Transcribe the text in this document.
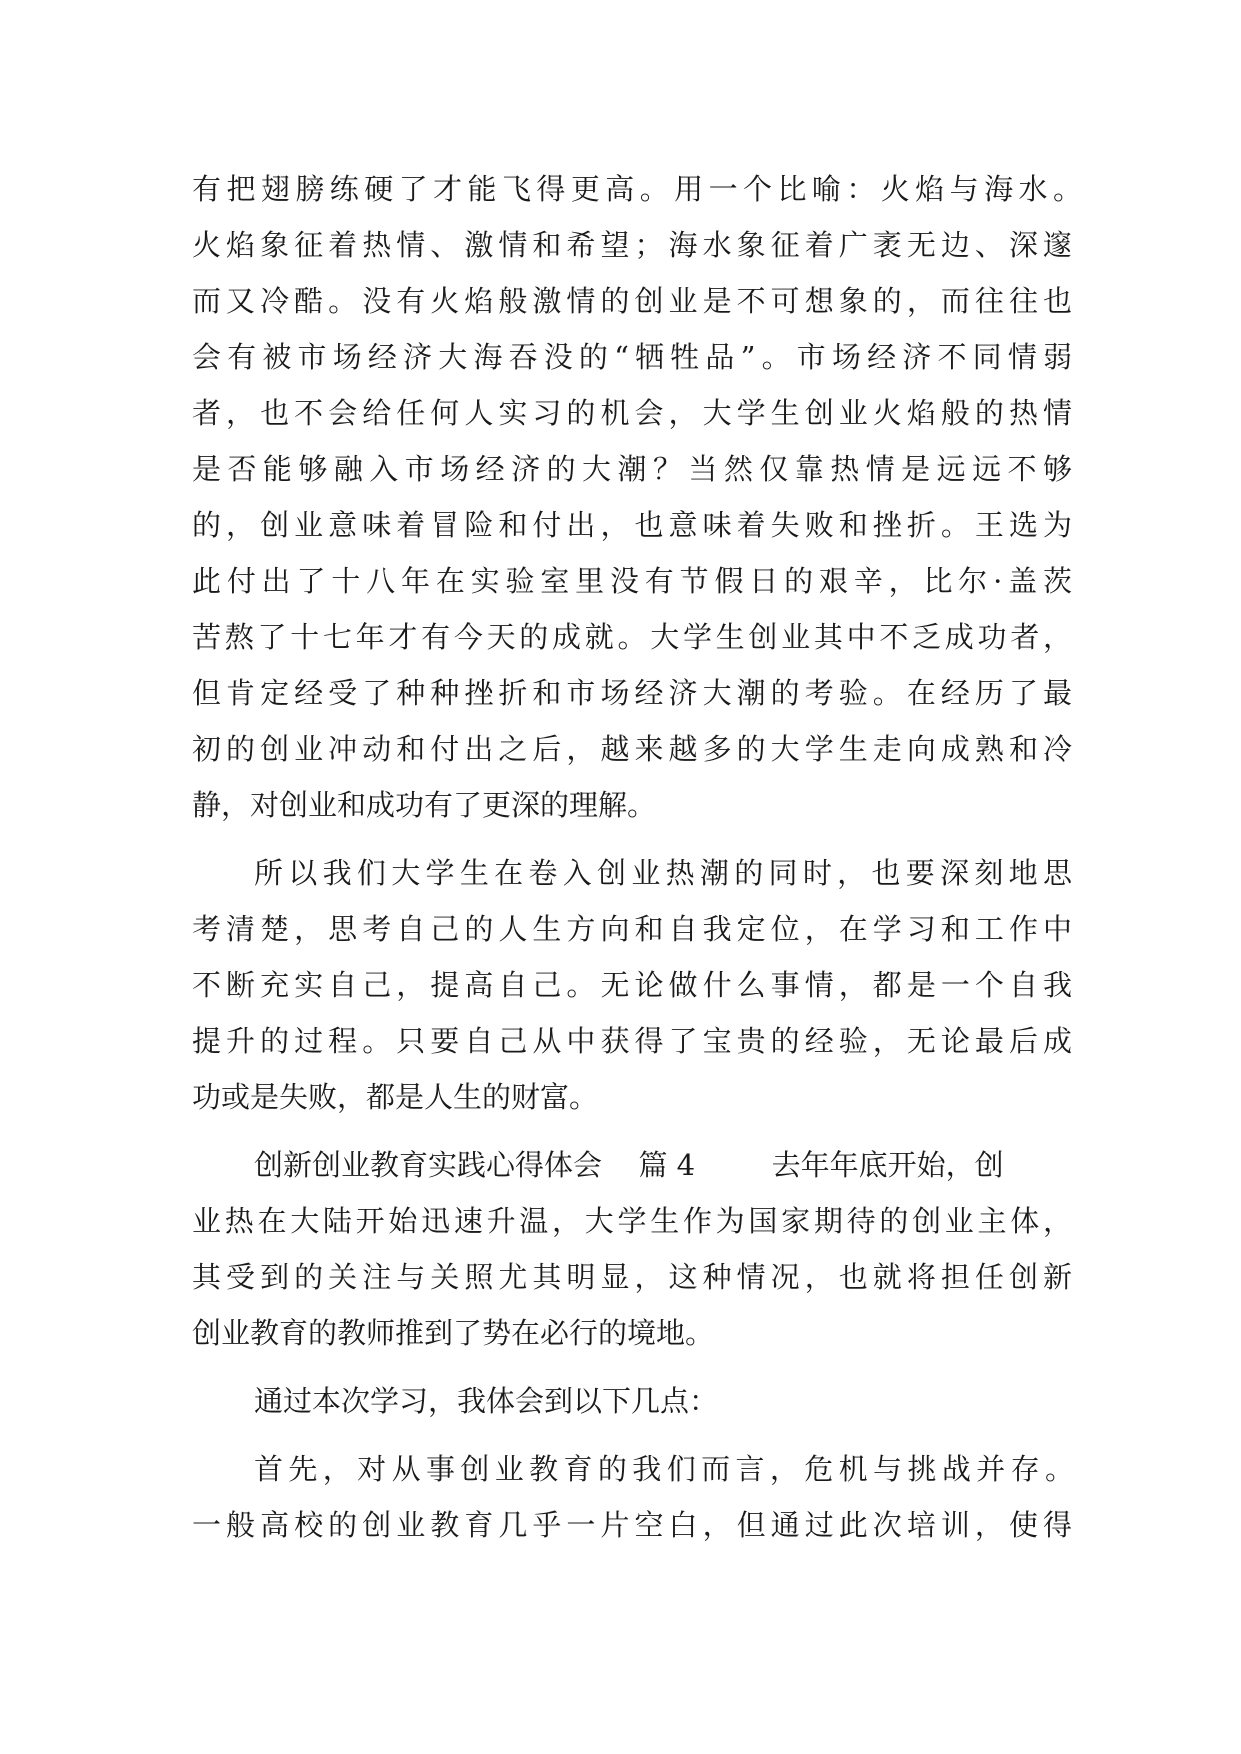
有把翅膀练硬了才能飞得更高。用一个比喻：火焰与海水。
火焰象征着热情、激情和希望；海水象征着广袤无边、深邃
而又冷酷。没有火焰般激情的创业是不可想象的，而往往也
会有被市场经济大海吞没的“牺牲品”。市场经济不同情弱
者，也不会给任何人实习的机会，大学生创业火焰般的热情
是否能够融入市场经济的大潮？当然仅靠热情是远远不够
的，创业意味着冒险和付出，也意味着失败和挫折。王选为
此付出了十八年在实验室里没有节假日的艰辛，比尔·盖茨
苦熬了十七年才有今天的成就。大学生创业其中不乏成功者，
但肯定经受了种种挫折和市场经济大潮的考验。在经历了最
初的创业冲动和付出之后，越来越多的大学生走向成熟和冷
静，对创业和成功有了更深的理解。
所以我们大学生在卷入创业热潮的同时，也要深刻地思
考清楚，思考自己的人生方向和自我定位，在学习和工作中
不断充实自己，提高自己。无论做什么事情，都是一个自我
提升的过程。只要自己从中获得了宝贵的经验，无论最后成
功或是失败，都是人生的财富。
创新创业教育实践心得体会 篇 4	去年年底开始，创
业热在大陆开始迅速升温，大学生作为国家期待的创业主体，
其受到的关注与关照尤其明显，这种情况，也就将担任创新
创业教育的教师推到了势在必行的境地。
通过本次学习，我体会到以下几点：
首先，对从事创业教育的我们而言，危机与挑战并存。
一般高校的创业教育几乎一片空白，但通过此次培训，使得
